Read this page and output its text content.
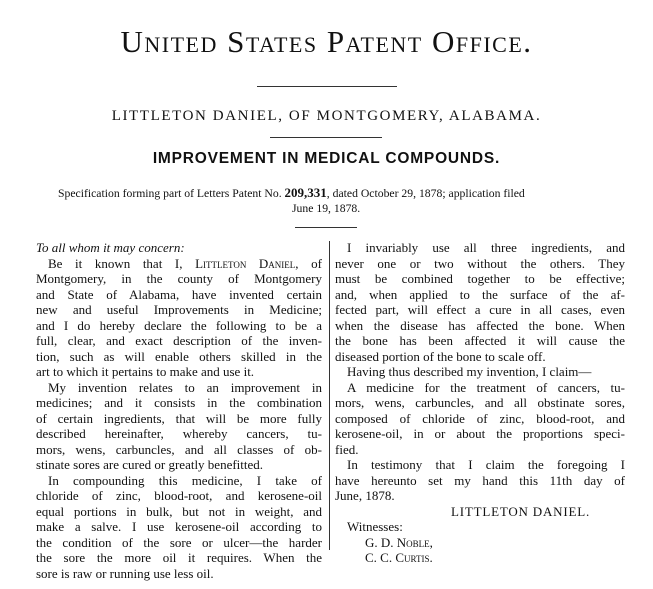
United States Patent Office.

LITTLETON DANIEL, OF MONTGOMERY, ALABAMA.

IMPROVEMENT IN MEDICAL COMPOUNDS.

Specification forming part of Letters Patent No. 209,331, dated October 29, 1878; application filed
June 19, 1878.

To all whom it may concern:
Be it known that I, Littleton Daniel, of
Montgomery, in the county of Montgomery
and State of Alabama, have invented certain
new and useful Improvements in Medicine;
and I do hereby declare the following to be a
full, clear, and exact description of the inven-
tion, such as will enable others skilled in the
art to which it pertains to make and use it.
My invention relates to an improvement in
medicines; and it consists in the combination
of certain ingredients, that will be more fully
described hereinafter, whereby cancers, tu-
mors, wens, carbuncles, and all classes of ob-
stinate sores are cured or greatly benefitted.
In compounding this medicine, I take of
chloride of zinc, blood-root, and kerosene-oil
equal portions in bulk, but not in weight, and
make a salve. I use kerosene-oil according to
the condition of the sore or ulcer—the harder
the sore the more oil it requires. When the
sore is raw or running use less oil.
I invariably use all three ingredients, and
never one or two without the others. They
must be combined together to be effective;
and, when applied to the surface of the af-
fected part, will effect a cure in all cases, even
when the disease has affected the bone. When
the bone has been affected it will cause the
diseased portion of the bone to scale off.
Having thus described my invention, I claim—
A medicine for the treatment of cancers, tu-
mors, wens, carbuncles, and all obstinate sores,
composed of chloride of zinc, blood-root, and
kerosene-oil, in or about the proportions speci-
fied.
In testimony that I claim the foregoing I
have hereunto set my hand this 11th day of
June, 1878.
LITTLETON DANIEL.
Witnesses:
G. D. Noble,
C. C. Curtis.
